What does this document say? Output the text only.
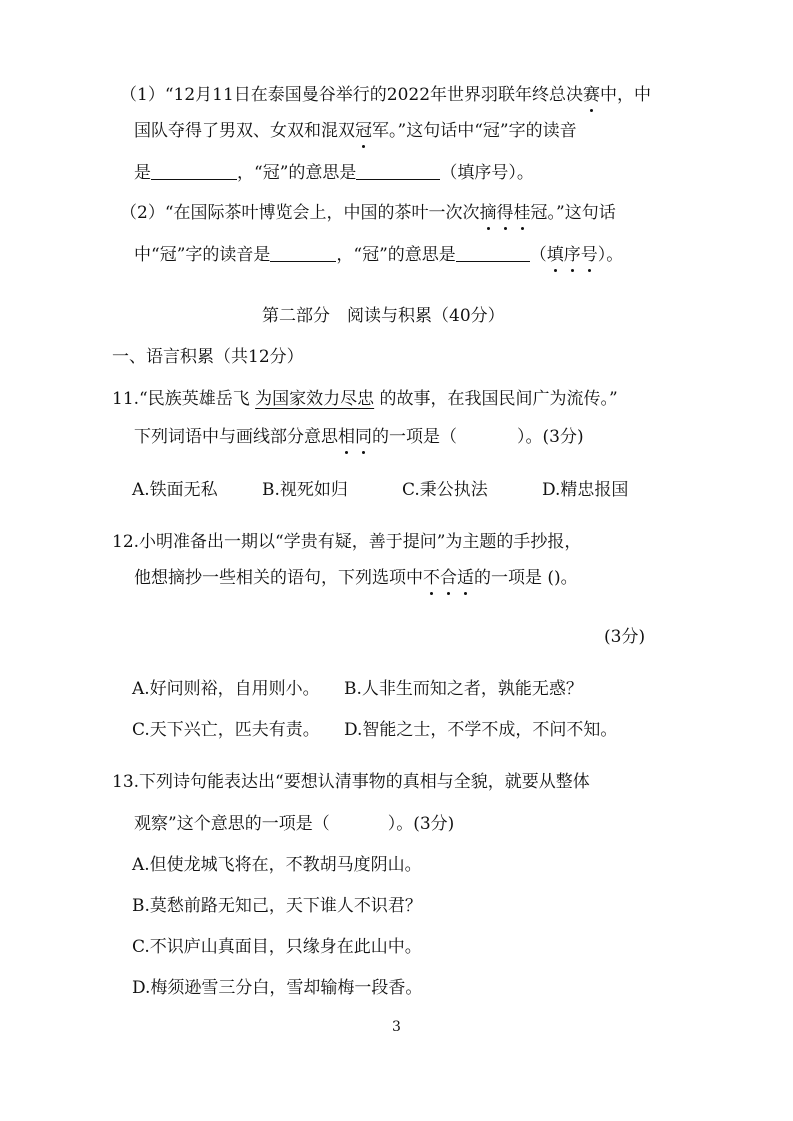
（1）“12月11日在泰国曼谷举行的2022年世界羽联年终总决赛中，中
国队夺得了男双、女双和混双冠军。”这句话中“冠”字的读音
是	，“冠”的意思是	（填序号）。
（2）“在国际茶叶博览会上，中国的茶叶一次次摘得桂冠。”这句话
中“冠”字的读音是	，“冠”的意思是	（填序号）。
第二部分　阅读与积累（40分）
一、语言积累（共12分）
11.“民族英雄岳飞 为国家效力尽忠 的故事，在我国民间广为流传。”
下列词语中与画线部分意思相同的一项是（	）。(3分)
A.铁面无私	B.视死如归	C.秉公执法	D.精忠报国
12.小明准备出一期以“学贵有疑，善于提问”为主题的手抄报，
他想摘抄一些相关的语句，下列选项中不合适的一项是 ()。
(3分)
A.好问则裕，自用则小。 B.人非生而知之者，孰能无惑？
C.天下兴亡，匹夫有责。 D.智能之士，不学不成，不问不知。
13.下列诗句能表达出“要想认清事物的真相与全貌，就要从整体
观察”这个意思的一项是（	）。(3分)
A.但使龙城飞将在，不教胡马度阴山。
B.莫愁前路无知己，天下谁人不识君？
C.不识庐山真面目，只缘身在此山中。
D.梅须逊雪三分白，雪却输梅一段香。
3
